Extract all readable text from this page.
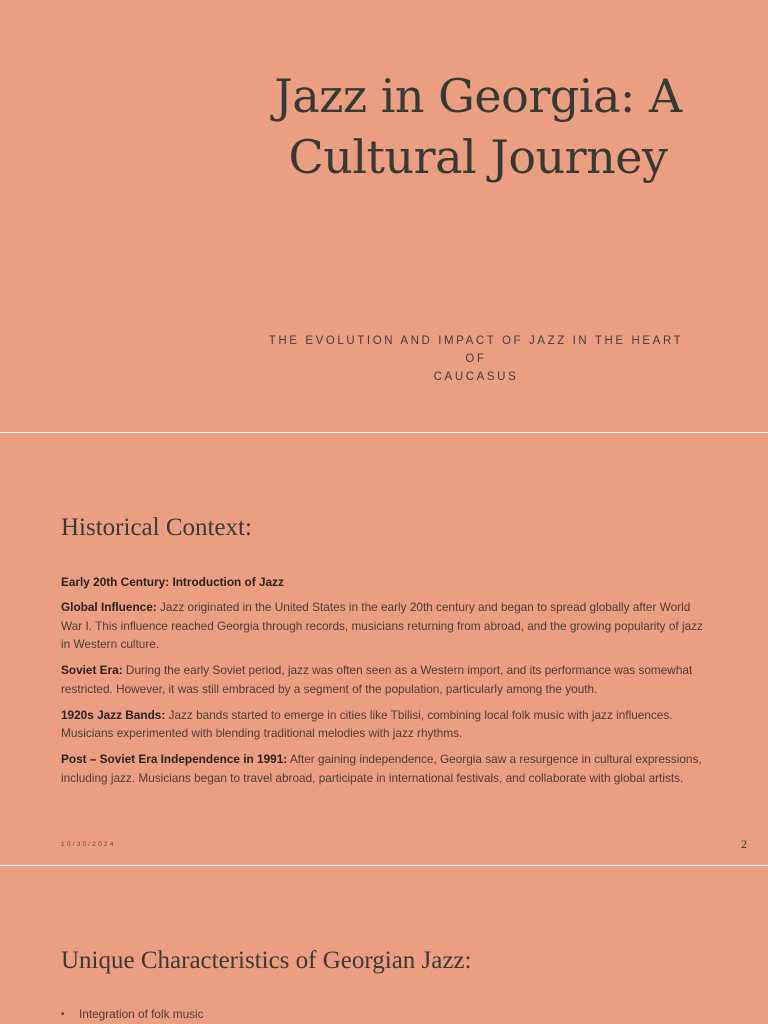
Jazz in Georgia: A
Cultural Journey
THE EVOLUTION AND IMPACT OF JAZZ IN THE HEART OF
CAUCASUS
Historical Context:

Early 20th Century: Introduction of Jazz

Global Influence: Jazz originated in the United States in the early 20th century and began to spread globally after World War I. This influence reached Georgia through records, musicians returning from abroad, and the growing popularity of jazz in Western culture.

Soviet Era: During the early Soviet period, jazz was often seen as a Western import, and its performance was somewhat restricted. However, it was still embraced by a segment of the population, particularly among the youth.

1920s Jazz Bands: Jazz bands started to emerge in cities like Tbilisi, combining local folk music with jazz influences. Musicians experimented with blending traditional melodies with jazz rhythms.

Post – Soviet Era Independence in 1991: After gaining independence, Georgia saw a resurgence in cultural expressions, including jazz. Musicians began to travel abroad, participate in international festivals, and collaborate with global artists.

10/30/2024	2
Unique Characteristics of Georgian Jazz:
•	Integration of folk music
